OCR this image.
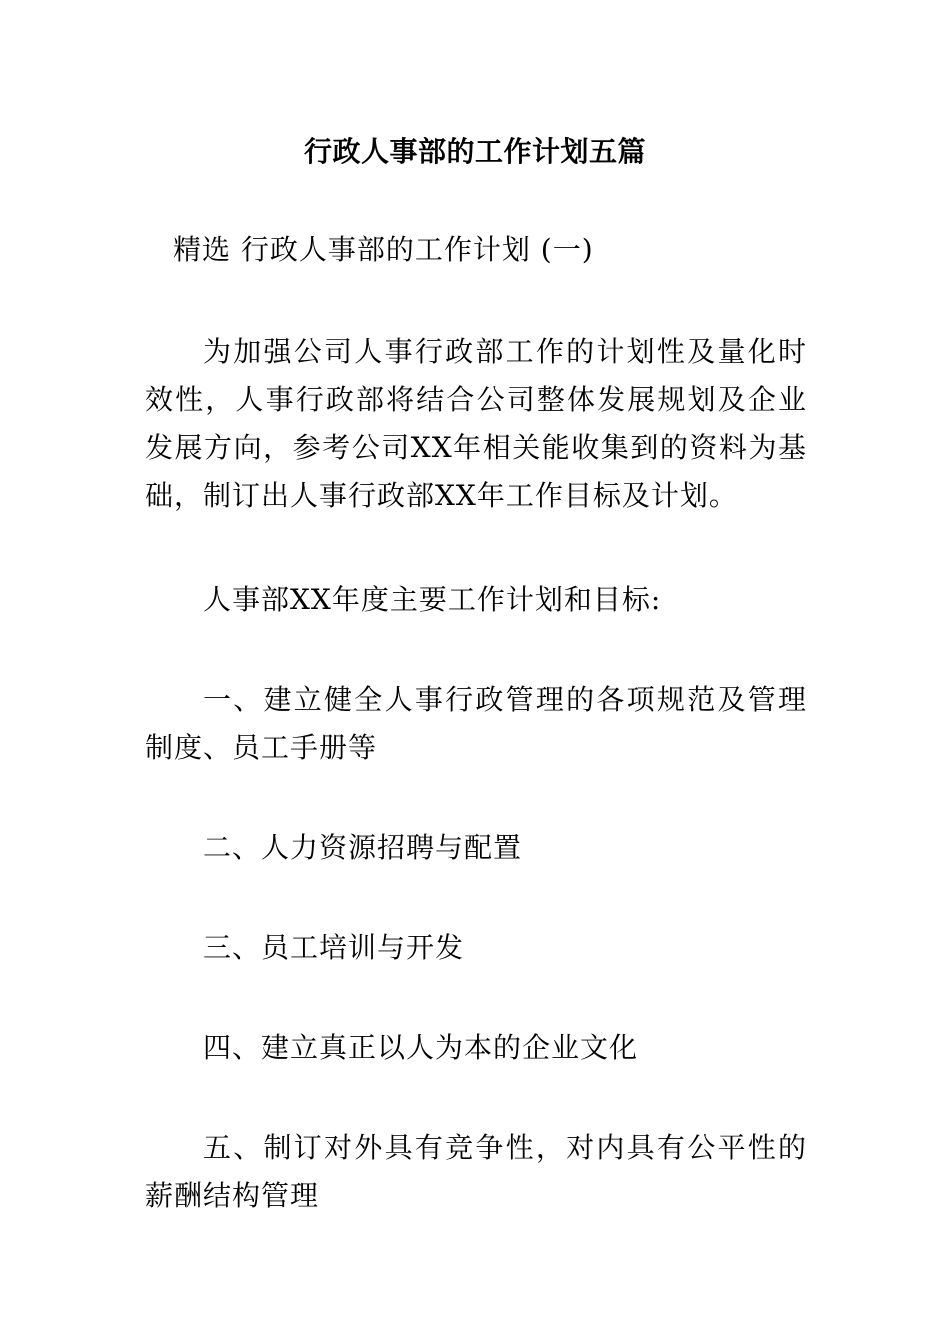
行政人事部的工作计划五篇
精选 行政人事部的工作计划 (一)
为加强公司人事行政部工作的计划性及量化时效性，人事行政部将结合公司整体发展规划及企业发展方向，参考公司XX年相关能收集到的资料为基础，制订出人事行政部XX年工作目标及计划。
人事部XX年度主要工作计划和目标:
一、建立健全人事行政管理的各项规范及管理制度、员工手册等
二、人力资源招聘与配置
三、员工培训与开发
四、建立真正以人为本的企业文化
五、制订对外具有竞争性，对内具有公平性的薪酬结构管理
